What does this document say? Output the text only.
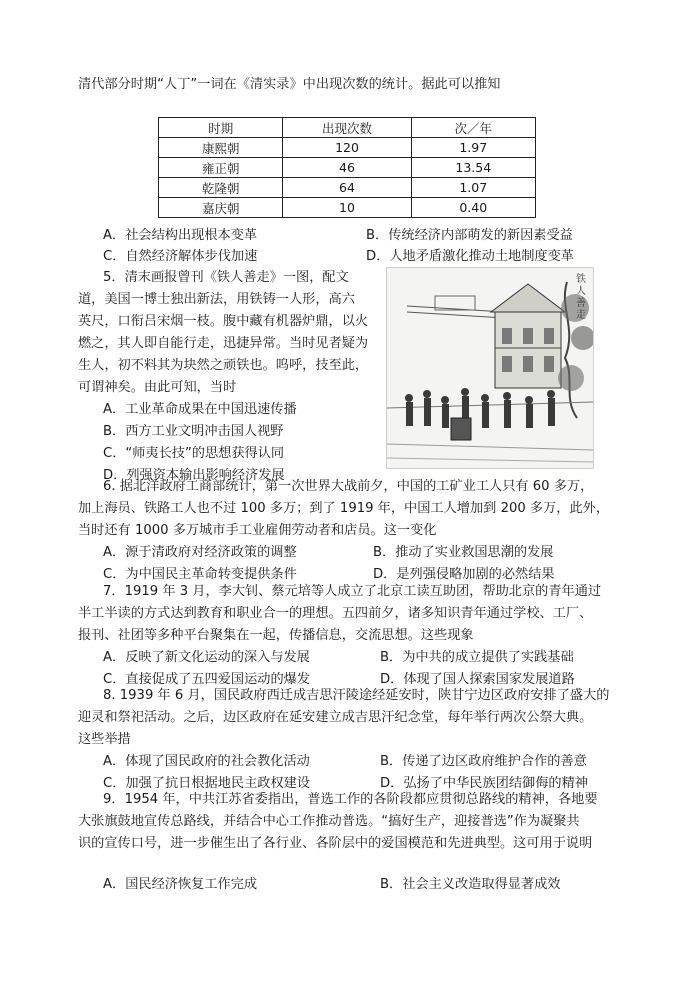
清代部分时期“人丁”一词在《清实录》中出现次数的统计。据此可以推知
时期	出现次数	次／年
康熙朝	120	1.97
雍正朝	46	13.54
乾隆朝	64	1.07
嘉庆朝	10	0.40
A．社会结构出现根本变革	B．传统经济内部萌发的新因素受益
C．自然经济解体步伐加速	D．人地矛盾激化推动土地制度变革
5．清末画报曾刊《铁人善走》一图，配文
道，美国一博士独出新法，用铁铸一人形，高六
英尺，口衔吕宋烟一枝。腹中藏有机器炉鼎，以火
燃之，其人即自能行走，迅捷异常。当时见者疑为
生人，初不料其为块然之顽铁也。呜呼，技至此，
可谓神矣。由此可知，当时
A．工业革命成果在中国迅速传播
B．西方工业文明冲击国人视野
C．“师夷长技”的思想获得认同
D．列强资本输出影响经济发展
铁人善走
6. 据北洋政府工商部统计，第一次世界大战前夕，中国的工矿业工人只有 60 多万，
加上海员、铁路工人也不过 100 多万；到了 1919 年，中国工人增加到 200 多万，此外，
当时还有 1000 多万城市手工业雇佣劳动者和店员。这一变化
A．源于清政府对经济政策的调整	B．推动了实业救国思潮的发展
C．为中国民主革命转变提供条件	D．是列强侵略加剧的必然结果
7．1919 年 3 月，李大钊、蔡元培等人成立了北京工读互助团，帮助北京的青年通过
半工半读的方式达到教育和职业合一的理想。五四前夕，诸多知识青年通过学校、工厂、
报刊、社团等多种平台聚集在一起，传播信息，交流思想。这些现象
A．反映了新文化运动的深入与发展	B．为中共的成立提供了实践基础
C．直接促成了五四爱国运动的爆发	D．体现了国人探索国家发展道路
8. 1939 年 6 月，国民政府西迁成吉思汗陵途经延安时，陕甘宁边区政府安排了盛大的
迎灵和祭祀活动。之后，边区政府在延安建立成吉思汗纪念堂，每年举行两次公祭大典。
这些举措
A．体现了国民政府的社会教化活动	B．传递了边区政府维护合作的善意
C．加强了抗日根据地民主政权建设	D．弘扬了中华民族团结御侮的精神
9．1954 年，中共江苏省委指出，普选工作的各阶段都应贯彻总路线的精神，各地要
大张旗鼓地宣传总路线，并结合中心工作推动普选。“搞好生产，迎接普选”作为凝聚共
识的宣传口号，进一步催生出了各行业、各阶层中的爱国模范和先进典型。这可用于说明
A．国民经济恢复工作完成	B．社会主义改造取得显著成效
